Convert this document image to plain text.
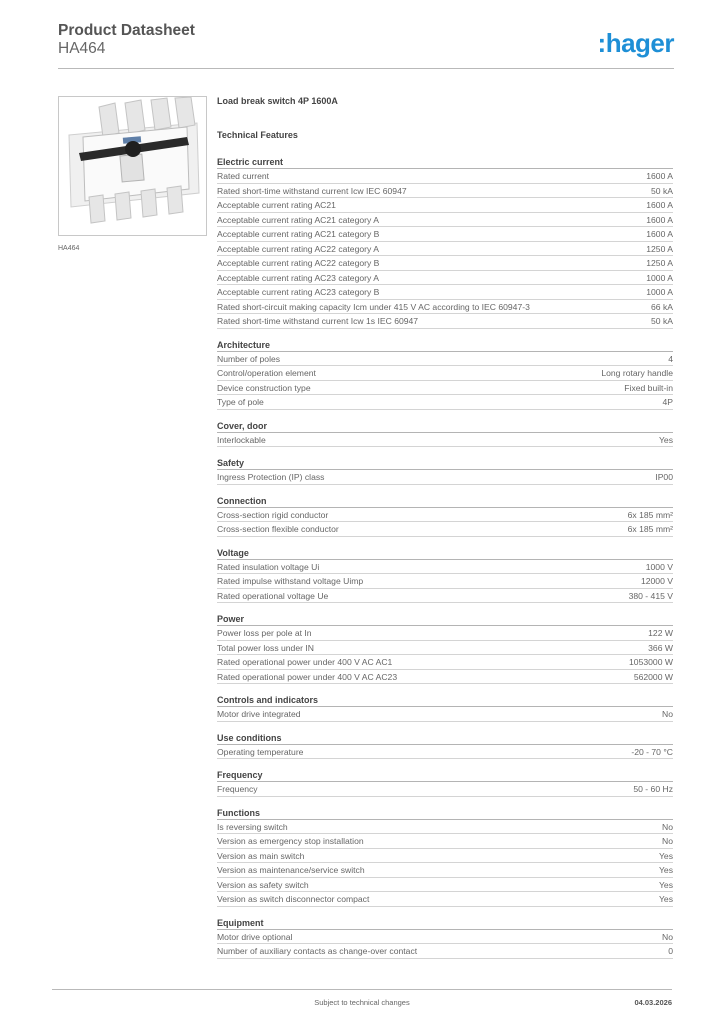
Product Datasheet
HA464	:hager
HA464
Load break switch 4P 1600A
Technical Features
Electric current
Rated current	1600 A
Rated short-time withstand current Icw IEC 60947	50 kA
Acceptable current rating AC21	1600 A
Acceptable current rating AC21 category A	1600 A
Acceptable current rating AC21 category B	1600 A
Acceptable current rating AC22 category A	1250 A
Acceptable current rating AC22 category B	1250 A
Acceptable current rating AC23 category A	1000 A
Acceptable current rating AC23 category B	1000 A
Rated short-circuit making capacity Icm under 415 V AC according to IEC 60947-3	66 kA
Rated short-time withstand current Icw 1s IEC 60947	50 kA
Architecture
Number of poles	4
Control/operation element	Long rotary handle
Device construction type	Fixed built-in
Type of pole	4P
Cover, door
Interlockable	Yes
Safety
Ingress Protection (IP) class	IP00
Connection
Cross-section rigid conductor	6x 185 mm²
Cross-section flexible conductor	6x 185 mm²
Voltage
Rated insulation voltage Ui	1000 V
Rated impulse withstand voltage Uimp	12000 V
Rated operational voltage Ue	380 - 415 V
Power
Power loss per pole at In	122 W
Total power loss under IN	366 W
Rated operational power under 400 V AC AC1	1053000 W
Rated operational power under 400 V AC AC23	562000 W
Controls and indicators
Motor drive integrated	No
Use conditions
Operating temperature	-20 - 70 °C
Frequency
Frequency	50 - 60 Hz
Functions
Is reversing switch	No
Version as emergency stop installation	No
Version as main switch	Yes
Version as maintenance/service switch	Yes
Version as safety switch	Yes
Version as switch disconnector compact	Yes
Equipment
Motor drive optional	No
Number of auxiliary contacts as change-over contact	0
Subject to technical changes	04.03.2026
